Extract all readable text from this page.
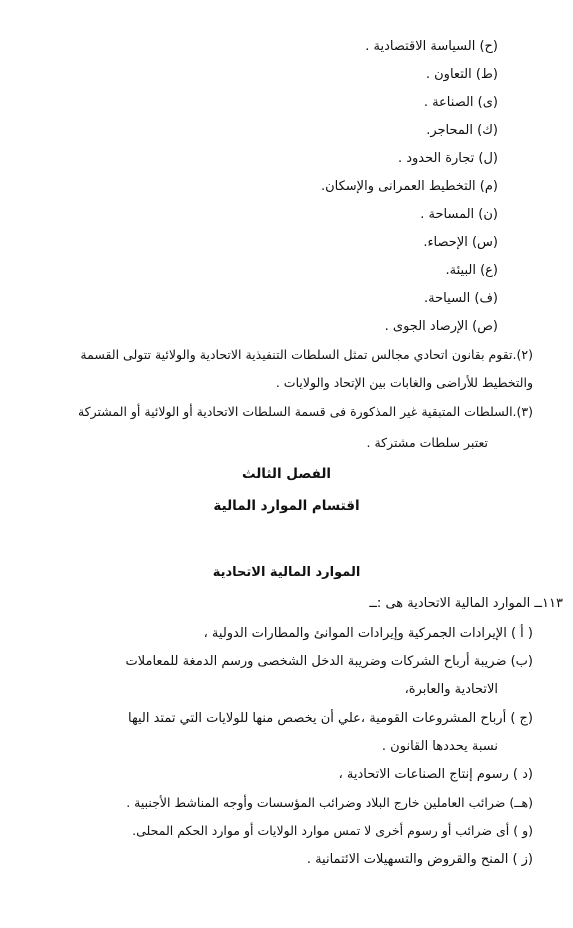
(ح) السياسة الاقتصادية .
(ط) التعاون .
(ى) الصناعة .
(ك) المحاجر.
(ل) تجارة الحدود .
(م) التخطيط العمرانى والإسكان.
(ن) المساحة .
(س) الإحصاء.
(ع) البيئة.
(ف) السياحة.
(ص) الإرصاد الجوى .
(٢).تقوم بقانون اتحادي مجالس تمثل السلطات التنفيذية الاتحادية والولائية تتولى القسمة
والتخطيط للأراضى والغابات بين الإتحاد والولايات .
(٣).السلطات المتبقية غير المذكورة فى قسمة السلطات الاتحادية أو الولائية أو المشتركة
تعتبر سلطات مشتركة .
الفصل الثالث
اقتسام الموارد المالية
الموارد المالية الاتحادية
١١٣ــ الموارد المالية الاتحادية هى :ــ
( أ ) الإيرادات الجمركية وإيرادات الموانئ والمطارات الدولية ،
(ب) ضريبة أرباح الشركات وضريبة الدخل الشخصى ورسم الدمغة للمعاملات
الاتحادية والعابرة،
(ج ) أرباح المشروعات القومية ،علي أن يخصص منها للولايات التي تمتد اليها
نسبة يحددها القانون .
(د ) رسوم إنتاج الصناعات الاتحادية ،
(هــ) ضرائب العاملين خارج البلاد وضرائب المؤسسات وأوجه المناشط الأجنبية .
(و ) أى ضرائب أو رسوم أخرى لا تمس موارد الولايات أو موارد الحكم المحلى.
(ز ) المنح والقروض والتسهيلات الائتمانية .
